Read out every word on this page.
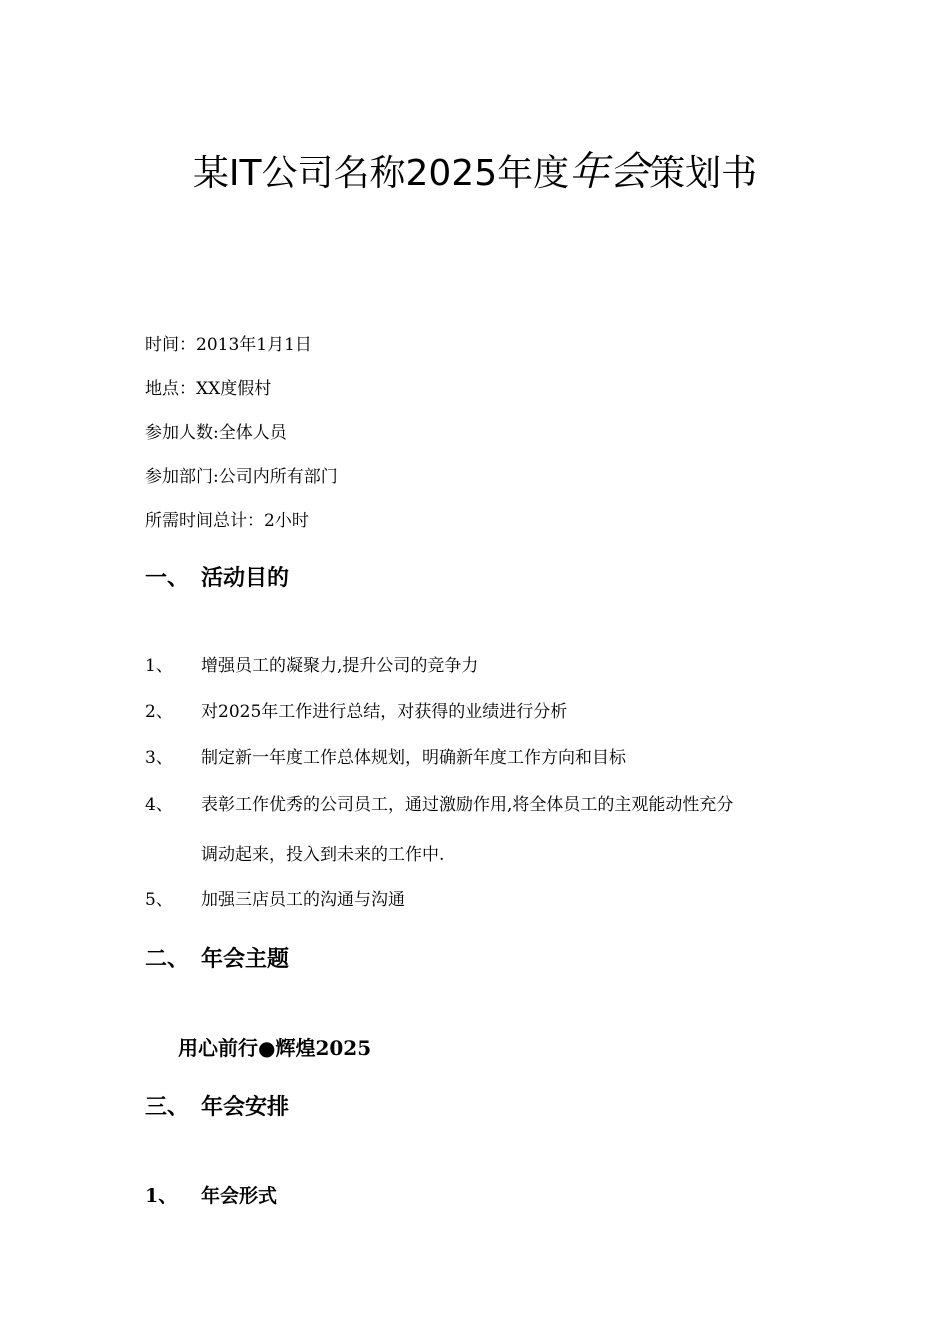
某IT公司名称2025年度年会策划书
时间：2013年1月1日
地点：XX度假村
参加人数:全体人员
参加部门:公司内所有部门
所需时间总计：2小时
一、 活动目的
1、 增强员工的凝聚力,提升公司的竞争力
2、 对2025年工作进行总结，对获得的业绩进行分析
3、 制定新一年度工作总体规划，明确新年度工作方向和目标
4、 表彰工作优秀的公司员工，通过激励作用,将全体员工的主观能动性充分
调动起来，投入到未来的工作中.
5、 加强三店员工的沟通与沟通
二、 年会主题
用心前行●辉煌2025
三、 年会安排
1、 年会形式
